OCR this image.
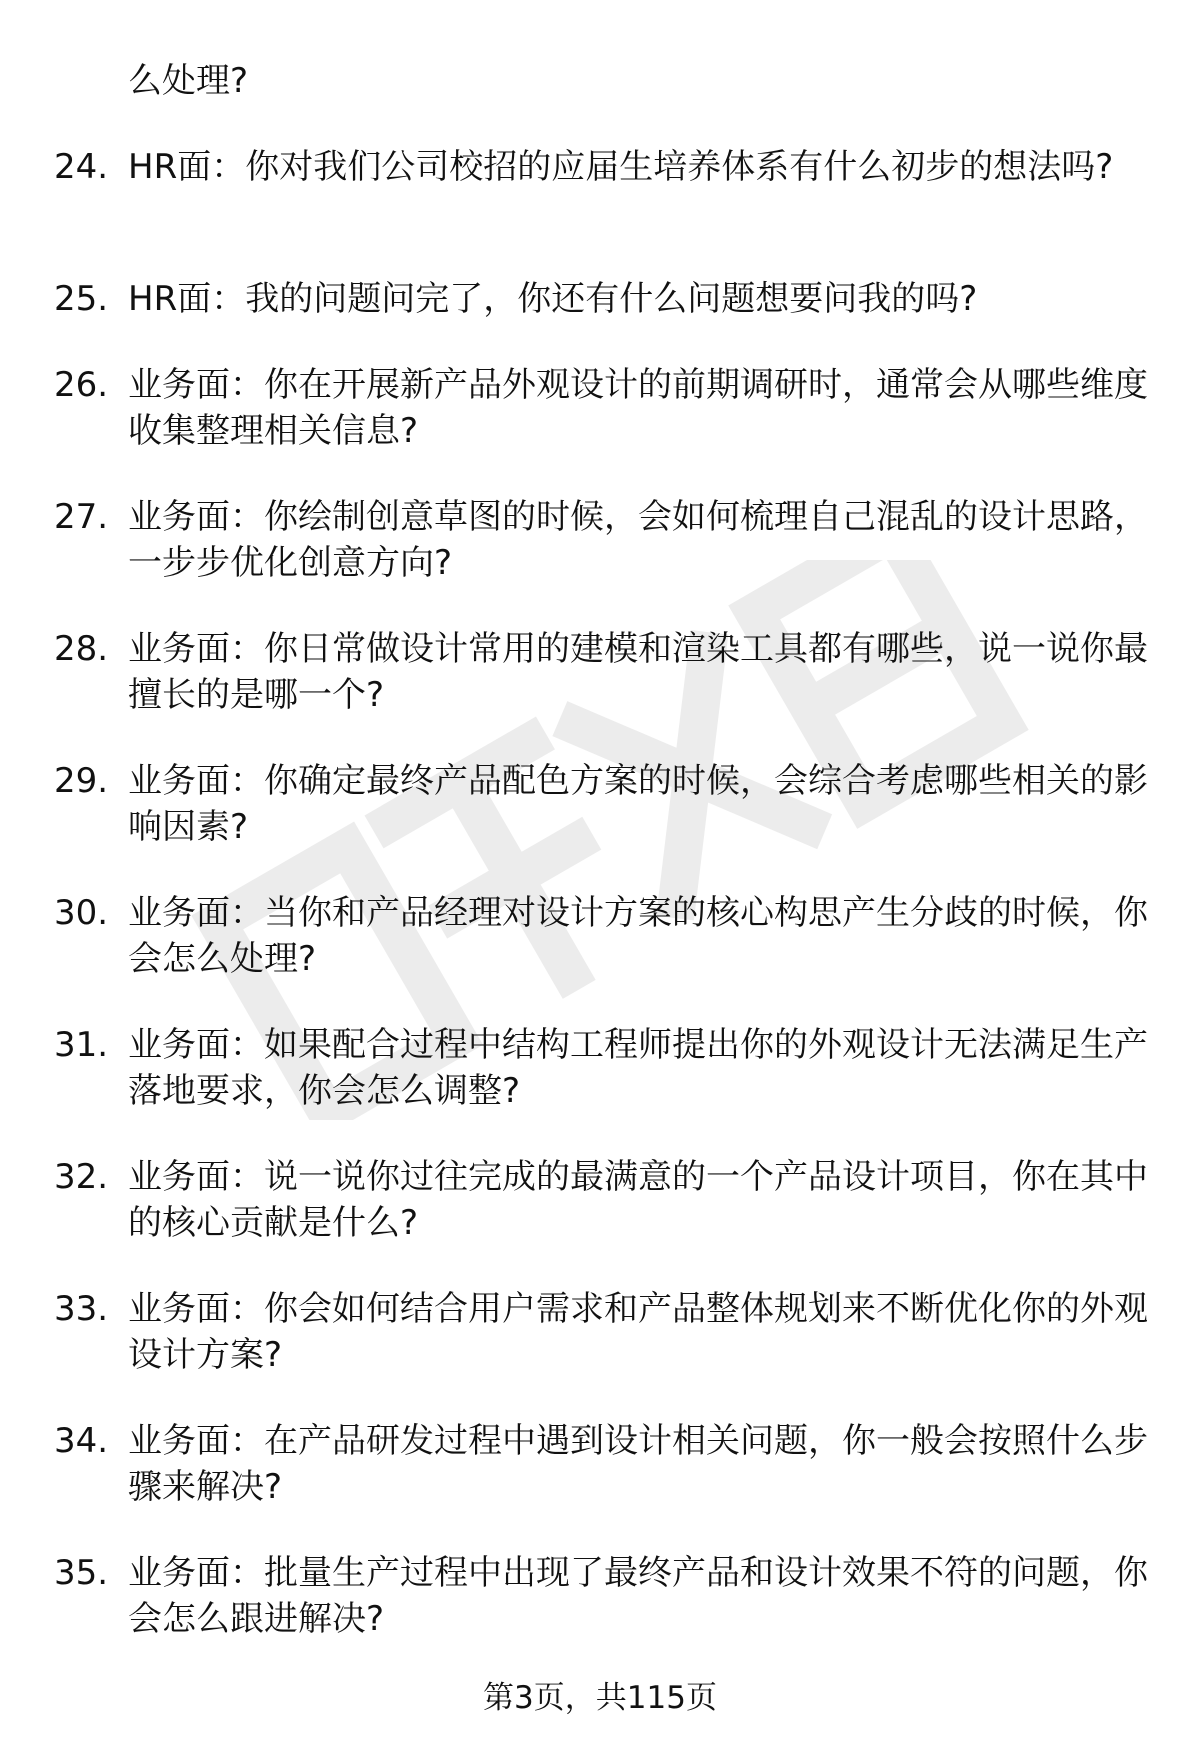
么处理?
24. HR面：你对我们公司校招的应届生培养体系有什么初步的想法吗?
25. HR面：我的问题问完了，你还有什么问题想要问我的吗?
26. 业务面：你在开展新产品外观设计的前期调研时，通常会从哪些维度收集整理相关信息?
27. 业务面：你绘制创意草图的时候，会如何梳理自己混乱的设计思路，一步步优化创意方向?
28. 业务面：你日常做设计常用的建模和渲染工具都有哪些，说一说你最擅长的是哪一个?
29. 业务面：你确定最终产品配色方案的时候，会综合考虑哪些相关的影响因素?
30. 业务面：当你和产品经理对设计方案的核心构思产生分歧的时候，你会怎么处理?
31. 业务面：如果配合过程中结构工程师提出你的外观设计无法满足生产落地要求，你会怎么调整?
32. 业务面：说一说你过往完成的最满意的一个产品设计项目，你在其中的核心贡献是什么?
33. 业务面：你会如何结合用户需求和产品整体规划来不断优化你的外观设计方案?
34. 业务面：在产品研发过程中遇到设计相关问题，你一般会按照什么步骤来解决?
35. 业务面：批量生产过程中出现了最终产品和设计效果不符的问题，你会怎么跟进解决?
第3页，共115页
